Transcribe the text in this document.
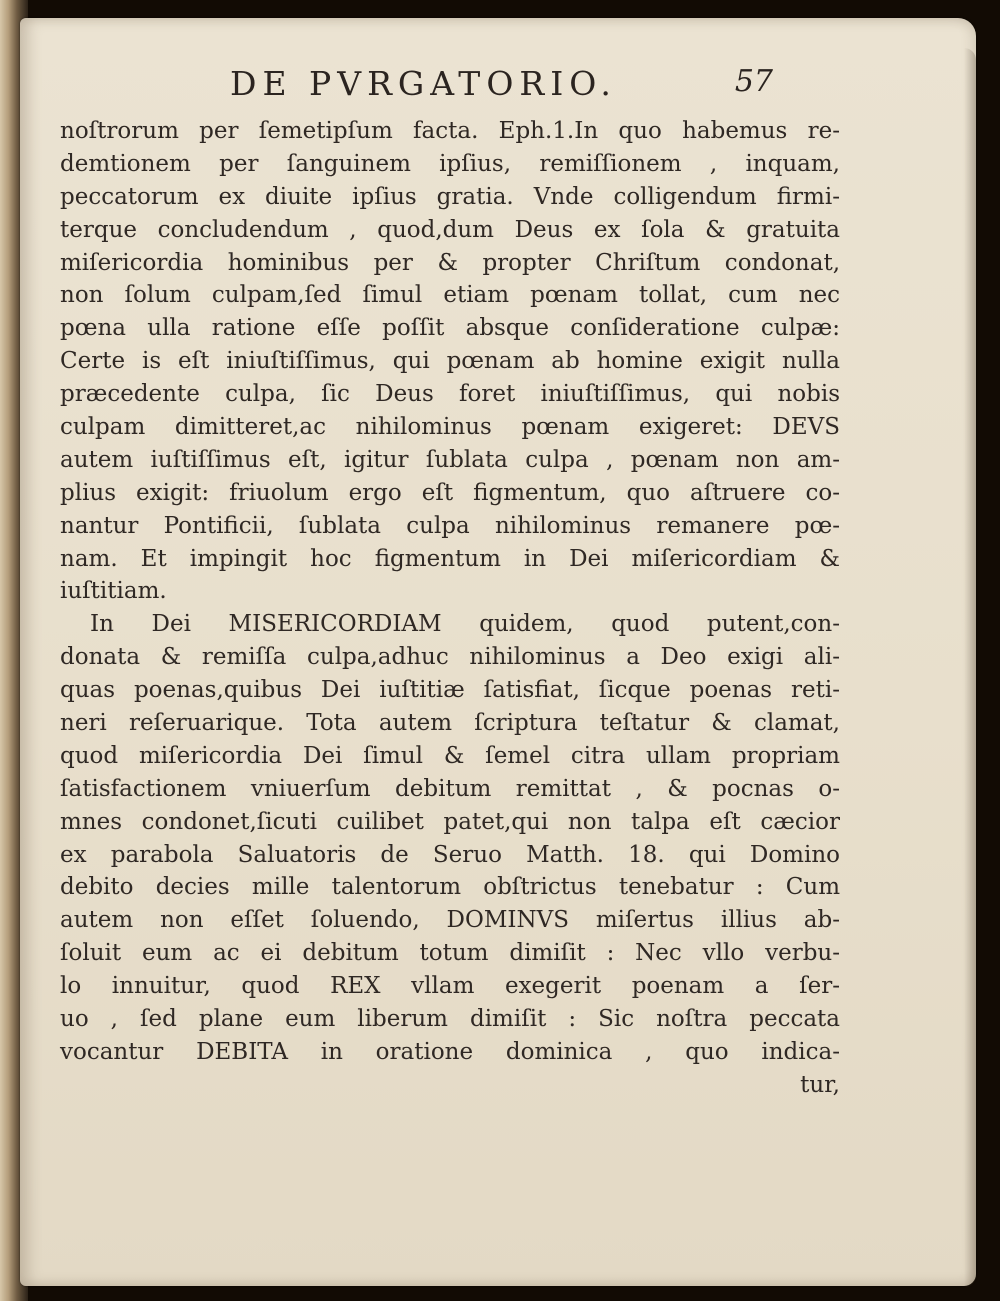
DE PVRGATORIO.	57
noſtrorum per ſemetipſum facta. Eph.1.In quo habemus re-
demtionem per ſanguinem ipſius, remiſſionem , inquam,
peccatorum ex diuite ipſius gratia. Vnde colligendum firmi-
terque concludendum , quod,dum Deus ex ſola & gratuita
miſericordia hominibus per & propter Chriſtum condonat,
non ſolum culpam,ſed ſimul etiam pœnam tollat, cum nec
pœna ulla ratione eſſe poſſit absque conſideratione culpæ:
Certe is eſt iniuſtiſſimus, qui pœnam ab homine exigit nulla
præcedente culpa, ſic Deus foret iniuſtiſſimus, qui nobis
culpam dimitteret,ac nihilominus pœnam exigeret: DEVS
autem iuſtiſſimus eſt, igitur ſublata culpa , pœnam non am-
plius exigit: friuolum ergo eſt figmentum, quo aſtruere co-
nantur Pontificii, ſublata culpa nihilominus remanere pœ-
nam. Et impingit hoc figmentum in Dei miſericordiam &
iuſtitiam.
In Dei MISERICORDIAM quidem, quod putent,con-
donata & remiſſa culpa,adhuc nihilominus a Deo exigi ali-
quas poenas,quibus Dei iuſtitiæ ſatisfiat, ſicque poenas reti-
neri reſeruarique. Tota autem ſcriptura teſtatur & clamat,
quod miſericordia Dei ſimul & ſemel citra ullam propriam
ſatisfactionem vniuerſum debitum remittat , & pocnas o-
mnes condonet,ſicuti cuilibet patet,qui non talpa eſt cæcior
ex parabola Saluatoris de Seruo Matth. 18. qui Domino
debito decies mille talentorum obſtrictus tenebatur : Cum
autem non eſſet ſoluendo, DOMINVS miſertus illius ab-
ſoluit eum ac ei debitum totum dimiſit : Nec vllo verbu-
lo innuitur, quod REX vllam exegerit poenam a ſer-
uo , ſed plane eum liberum dimiſit : Sic noſtra peccata
vocantur DEBITA in oratione dominica , quo indica-
tur,
